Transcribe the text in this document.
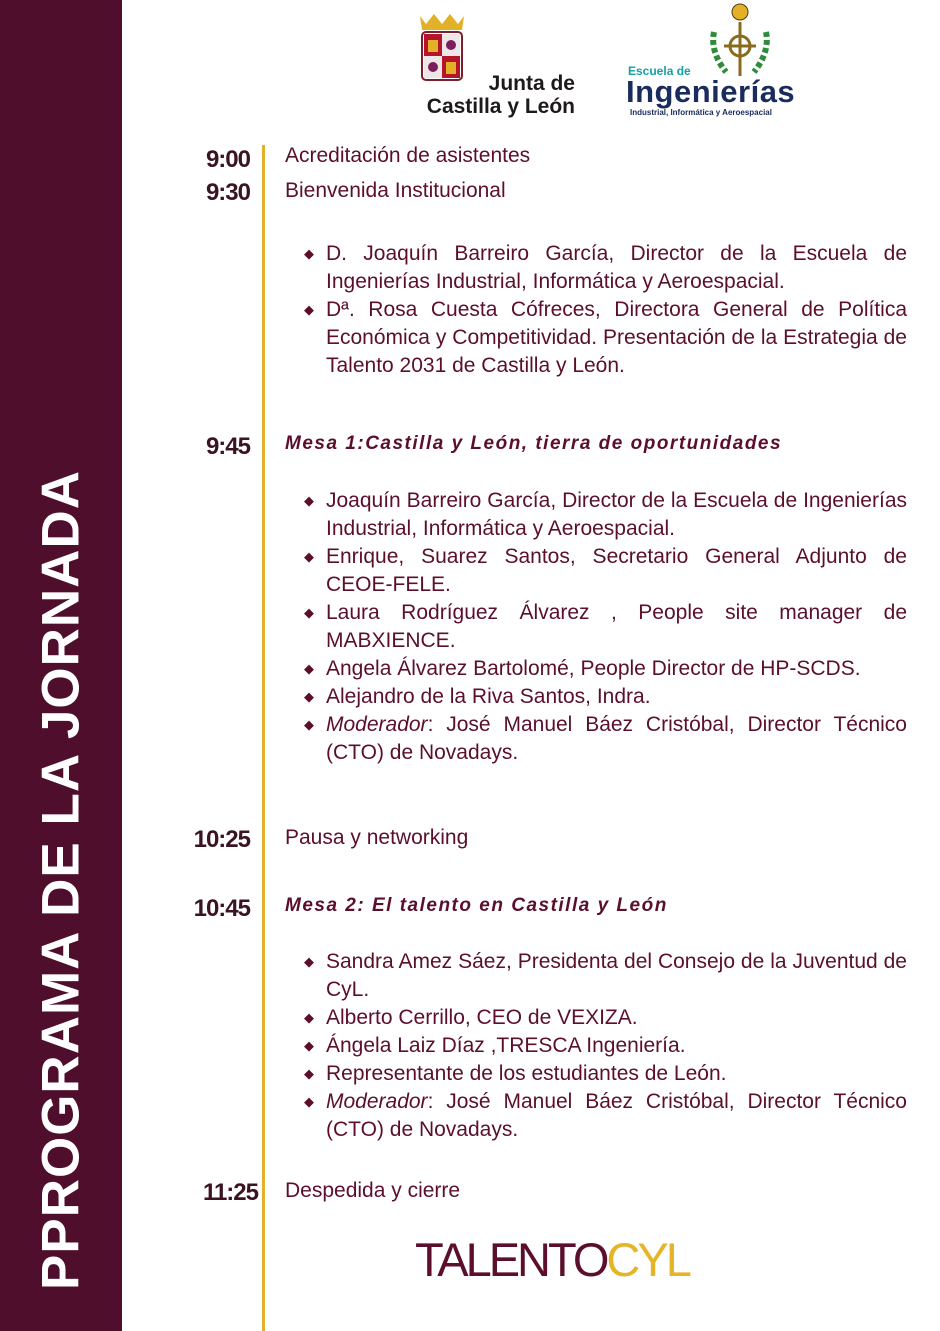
PPROGRAMA DE LA JORNADA
Junta de
Castilla y León
Escuela de
Ingenierías
Industrial, Informática y Aeroespacial
9:00 Acreditación de asistentes
9:30 Bienvenida Institucional
◆ D. Joaquín Barreiro García, Director de la Escuela de Ingenierías Industrial, Informática y Aeroespacial.
◆ Dª. Rosa Cuesta Cófreces, Directora General de Política Económica y Competitividad. Presentación de la Estrategia de Talento 2031 de Castilla y León.
9:45 Mesa 1:Castilla y León, tierra de oportunidades
◆ Joaquín Barreiro García, Director de la Escuela de Ingenierías Industrial, Informática y Aeroespacial.
◆ Enrique, Suarez Santos, Secretario General Adjunto de CEOE-FELE.
◆ Laura Rodríguez Álvarez , People site manager de MABXIENCE.
◆ Angela Álvarez Bartolomé, People Director de HP-SCDS.
◆ Alejandro de la Riva Santos, Indra.
◆ Moderador: José Manuel Báez Cristóbal, Director Técnico (CTO) de Novadays.
10:25 Pausa y networking
10:45 Mesa 2: El talento en Castilla y León
◆ Sandra Amez Sáez, Presidenta del Consejo de la Juventud de CyL.
◆ Alberto Cerrillo, CEO de VEXIZA.
◆ Ángela Laiz Díaz ,TRESCA Ingeniería.
◆ Representante de los estudiantes de León.
◆ Moderador: José Manuel Báez Cristóbal, Director Técnico (CTO) de Novadays.
11:25 Despedida y cierre
TALENTOCYL
